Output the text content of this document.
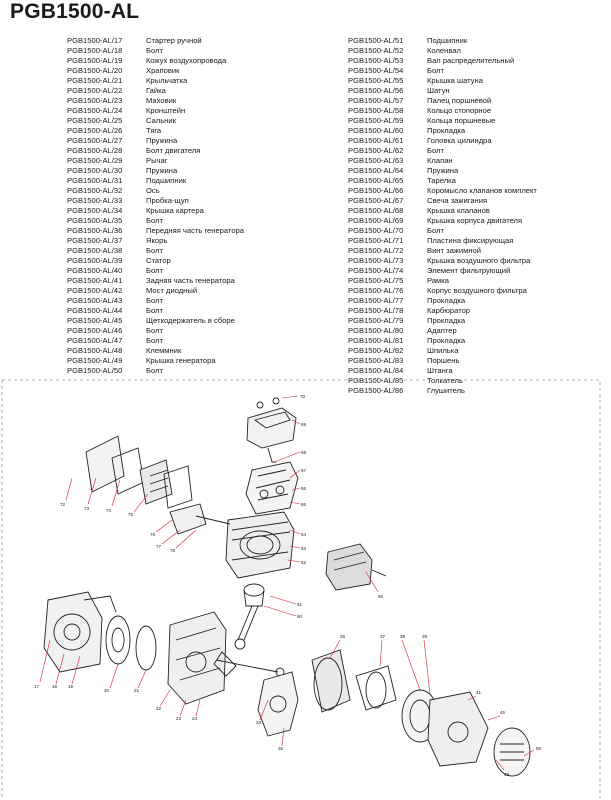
PGB1500-AL
PGB1500-AL/17	Стартер ручной
PGB1500-AL/18	Болт
PGB1500-AL/19	Кожух воздухопровода
PGB1500-AL/20	Храповик
PGB1500-AL/21	Крыльчатка
PGB1500-AL/22	Гайка
PGB1500-AL/23	Маховик
PGB1500-AL/24	Кронштейн
PGB1500-AL/25	Сальник
PGB1500-AL/26	Тяга
PGB1500-AL/27	Пружина
PGB1500-AL/28	Болт двигателя
PGB1500-AL/29	Рычаг
PGB1500-AL/30	Пружина
PGB1500-AL/31	Подшипник
PGB1500-AL/32	Ось
PGB1500-AL/33	Пробка-щуп
PGB1500-AL/34	Крышка картера
PGB1500-AL/35	Болт
PGB1500-AL/36	Передняя часть генератора
PGB1500-AL/37	Якорь
PGB1500-AL/38	Болт
PGB1500-AL/39	Статор
PGB1500-AL/40	Болт
PGB1500-AL/41	Задняя часть генератора
PGB1500-AL/42	Мост диодный
PGB1500-AL/43	Болт
PGB1500-AL/44	Болт
PGB1500-AL/45	Щеткодержатель в сборе
PGB1500-AL/46	Болт
PGB1500-AL/47	Болт
PGB1500-AL/48	Клеммник
PGB1500-AL/49	Крышка генератора
PGB1500-AL/50	Болт
PGB1500-AL/51	Подшипник
PGB1500-AL/52	Коленвал
PGB1500-AL/53	Вал распределительный
PGB1500-AL/54	Болт
PGB1500-AL/55	Крышка шатуна
PGB1500-AL/56	Шатун
PGB1500-AL/57	Палец поршневой
PGB1500-AL/58	Кольцо стопорное
PGB1500-AL/59	Кольца поршневые
PGB1500-AL/60	Прокладка
PGB1500-AL/61	Головка цилиндра
PGB1500-AL/62	Болт
PGB1500-AL/63	Клапан
PGB1500-AL/64	Пружина
PGB1500-AL/65	Тарелка
PGB1500-AL/66	Коромысло клапанов комплект
PGB1500-AL/67	Свеча зажигания
PGB1500-AL/68	Крышка клапанов
PGB1500-AL/69	Крышка корпуса двигателя
PGB1500-AL/70	Болт
PGB1500-AL/71	Пластина фиксирующая
PGB1500-AL/72	Винт зажимной
PGB1500-AL/73	Крышка воздушного фильтра
PGB1500-AL/74	Элемент фильтрующий
PGB1500-AL/75	Рамка
PGB1500-AL/76	Корпус воздушного фильтра
PGB1500-AL/77	Прокладка
PGB1500-AL/78	Карбюратор
PGB1500-AL/79	Прокладка
PGB1500-AL/80	Адаптер
PGB1500-AL/81	Прокладка
PGB1500-AL/82	Шпилька
PGB1500-AL/83	Поршень
PGB1500-AL/84	Штанга
PGB1500-AL/85	Толкатель
PGB1500-AL/86	Глушитель
70
69
68
67
66
65
64
63
62
61
60
72
73	74
75
76
77
78
17	18 19
20	21
22
23 24
34
35
36	37	38	39
41
45
49
50
86
